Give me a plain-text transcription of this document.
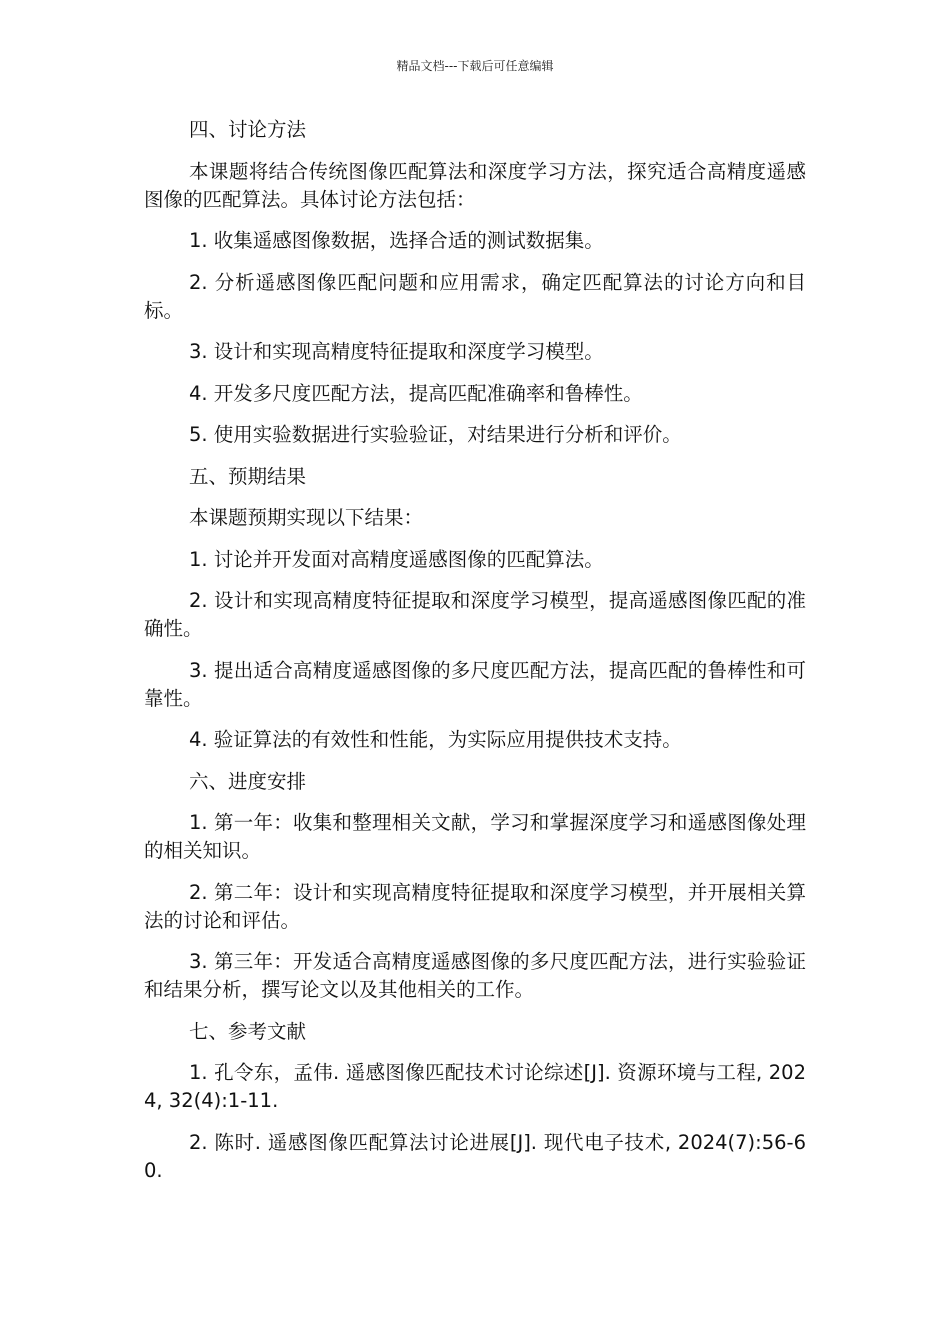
精品文档---下载后可任意编辑

四、讨论方法

本课题将结合传统图像匹配算法和深度学习方法，探究适合高精度遥感图像的匹配算法。具体讨论方法包括：

1. 收集遥感图像数据，选择合适的测试数据集。

2. 分析遥感图像匹配问题和应用需求，确定匹配算法的讨论方向和目标。

3. 设计和实现高精度特征提取和深度学习模型。

4. 开发多尺度匹配方法，提高匹配准确率和鲁棒性。

5. 使用实验数据进行实验验证，对结果进行分析和评价。

五、预期结果

本课题预期实现以下结果：

1. 讨论并开发面对高精度遥感图像的匹配算法。

2. 设计和实现高精度特征提取和深度学习模型，提高遥感图像匹配的准确性。

3. 提出适合高精度遥感图像的多尺度匹配方法，提高匹配的鲁棒性和可靠性。

4. 验证算法的有效性和性能，为实际应用提供技术支持。

六、进度安排

1. 第一年：收集和整理相关文献，学习和掌握深度学习和遥感图像处理的相关知识。

2. 第二年：设计和实现高精度特征提取和深度学习模型，并开展相关算法的讨论和评估。

3. 第三年：开发适合高精度遥感图像的多尺度匹配方法，进行实验验证和结果分析，撰写论文以及其他相关的工作。

七、参考文献

1. 孔令东，孟伟. 遥感图像匹配技术讨论综述[J]. 资源环境与工程, 2024, 32(4):1-11.

2. 陈时. 遥感图像匹配算法讨论进展[J]. 现代电子技术, 2024(7):56-60.
